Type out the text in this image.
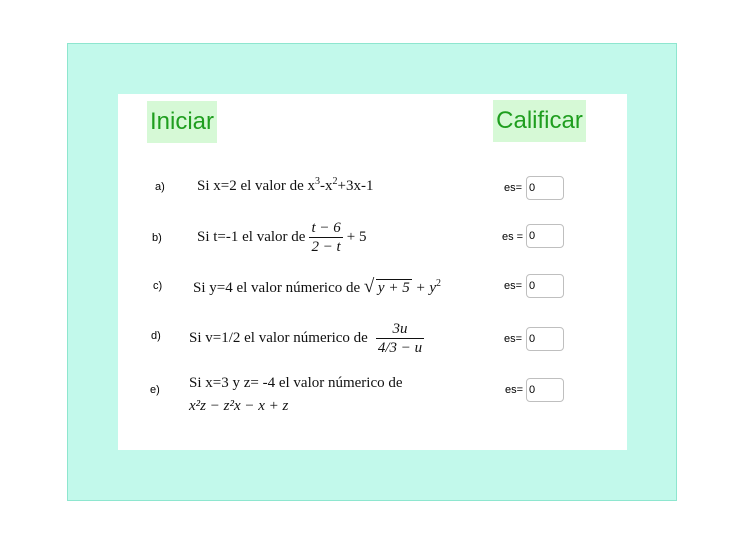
Iniciar	Calificar
a) Si x=2 el valor de $x^3-x^2+3x-1$	es=
0
b) Si t=-1 el valor de $\frac{t - 6}{2 - t} + 5$	es =
0
c) Si y=4 el valor númerico de √ $y + 5 + y^2$	es=
0
d) Si v=1/2 el valor númerico de $\frac{3u}{4/3 - u}$	es=
0
e) Si x=3 y z= -4 el valor númerico de
x²z − z²x − x + z
es=
0
